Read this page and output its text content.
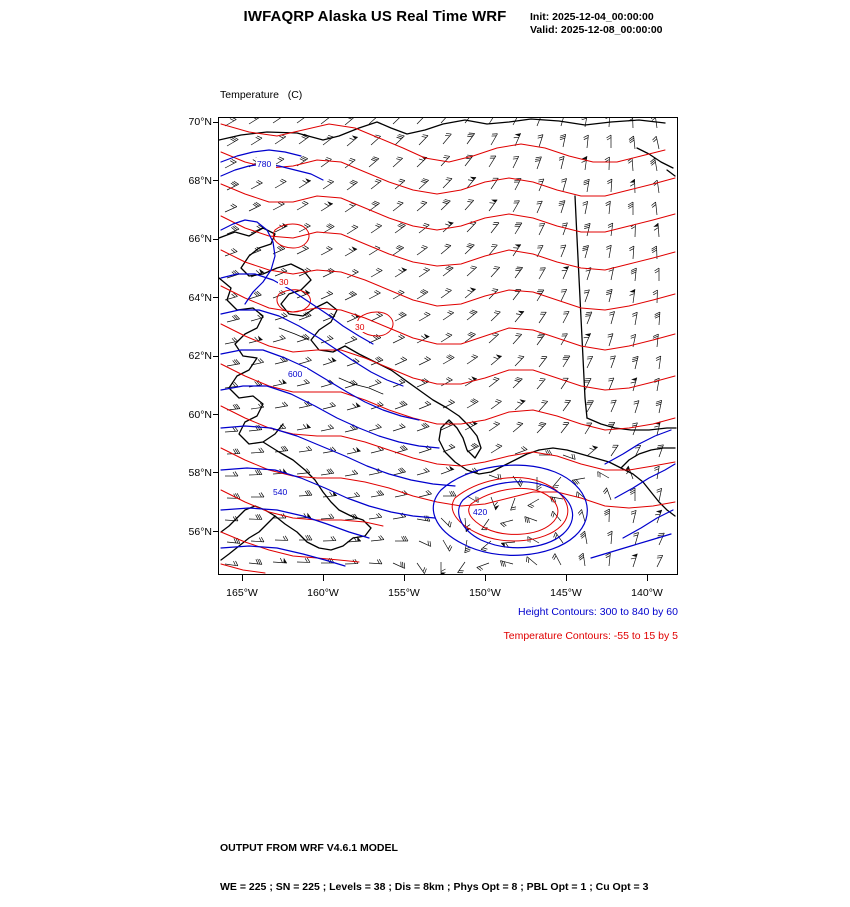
IWFAQRP Alaska US Real Time WRF	Init: 2025-12-04_00:00:00
Valid: 2025-12-08_00:00:00

Temperature   (C)

780
600
540
420
30
30
70°N
68°N
66°N
64°N
62°N
60°N
58°N
56°N
165°W	160°W	155°W	150°W	145°W	140°W
Height Contours: 300 to 840 by 60
Temperature Contours: -55 to 15 by 5

OUTPUT FROM WRF V4.6.1 MODEL

WE = 225 ; SN = 225 ; Levels = 38 ; Dis = 8km ; Phys Opt = 8 ; PBL Opt = 1 ; Cu Opt = 3
